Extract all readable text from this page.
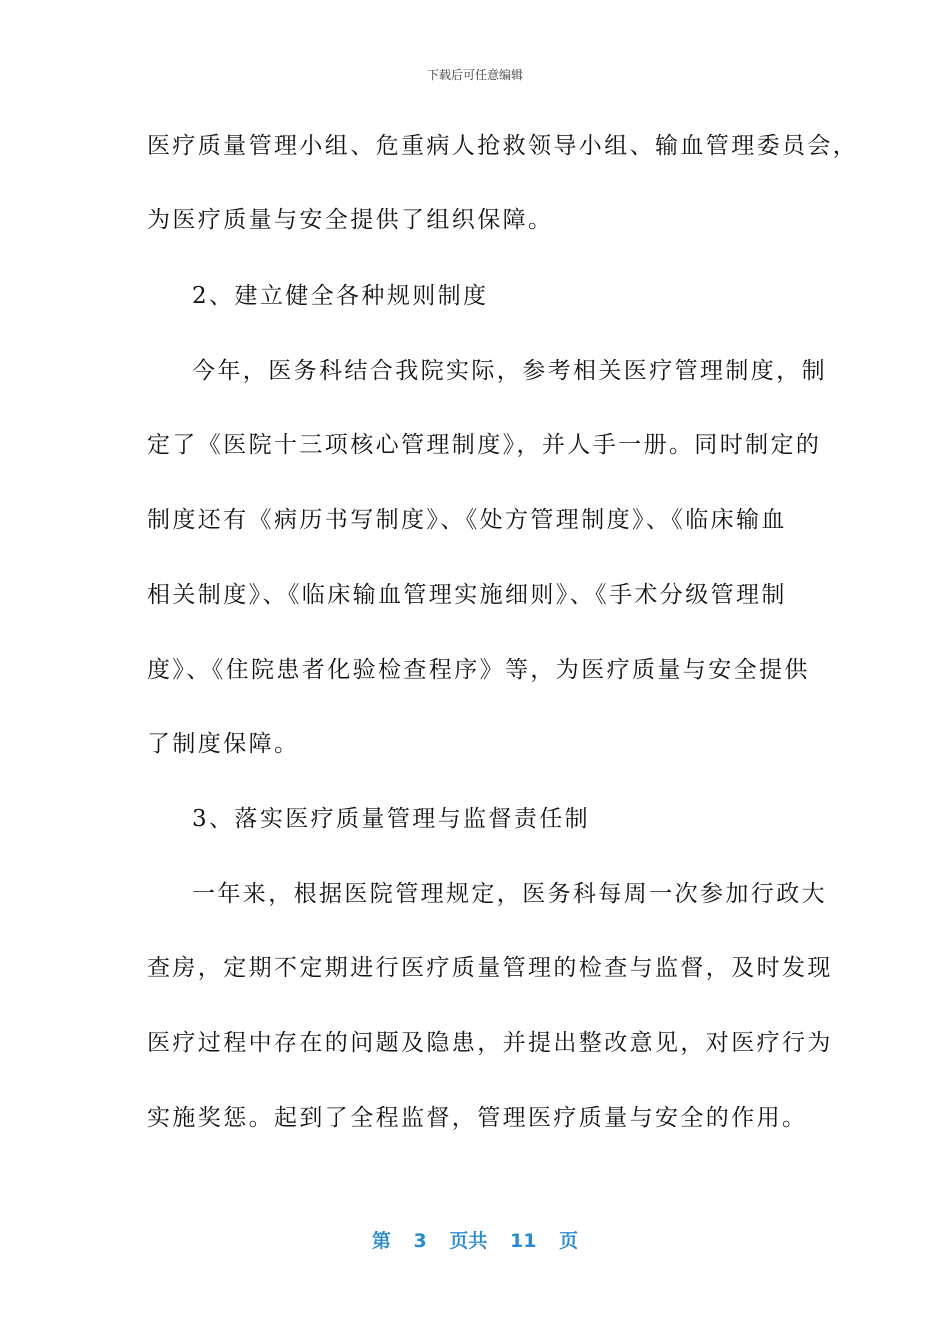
下载后可任意编辑
医疗质量管理小组、危重病人抢救领导小组、输血管理委员会，
为医疗质量与安全提供了组织保障。
2、建立健全各种规则制度
今年，医务科结合我院实际，参考相关医疗管理制度，制
定了《医院十三项核心管理制度》，并人手一册。同时制定的
制度还有《病历书写制度》、《处方管理制度》、《临床输血
相关制度》、《临床输血管理实施细则》、《手术分级管理制
度》、《住院患者化验检查程序》等，为医疗质量与安全提供
了制度保障。
3、落实医疗质量管理与监督责任制
一年来，根据医院管理规定，医务科每周一次参加行政大
查房，定期不定期进行医疗质量管理的检查与监督，及时发现
医疗过程中存在的问题及隐患，并提出整改意见，对医疗行为
实施奖惩。起到了全程监督，管理医疗质量与安全的作用。
第 3 页共 11 页
